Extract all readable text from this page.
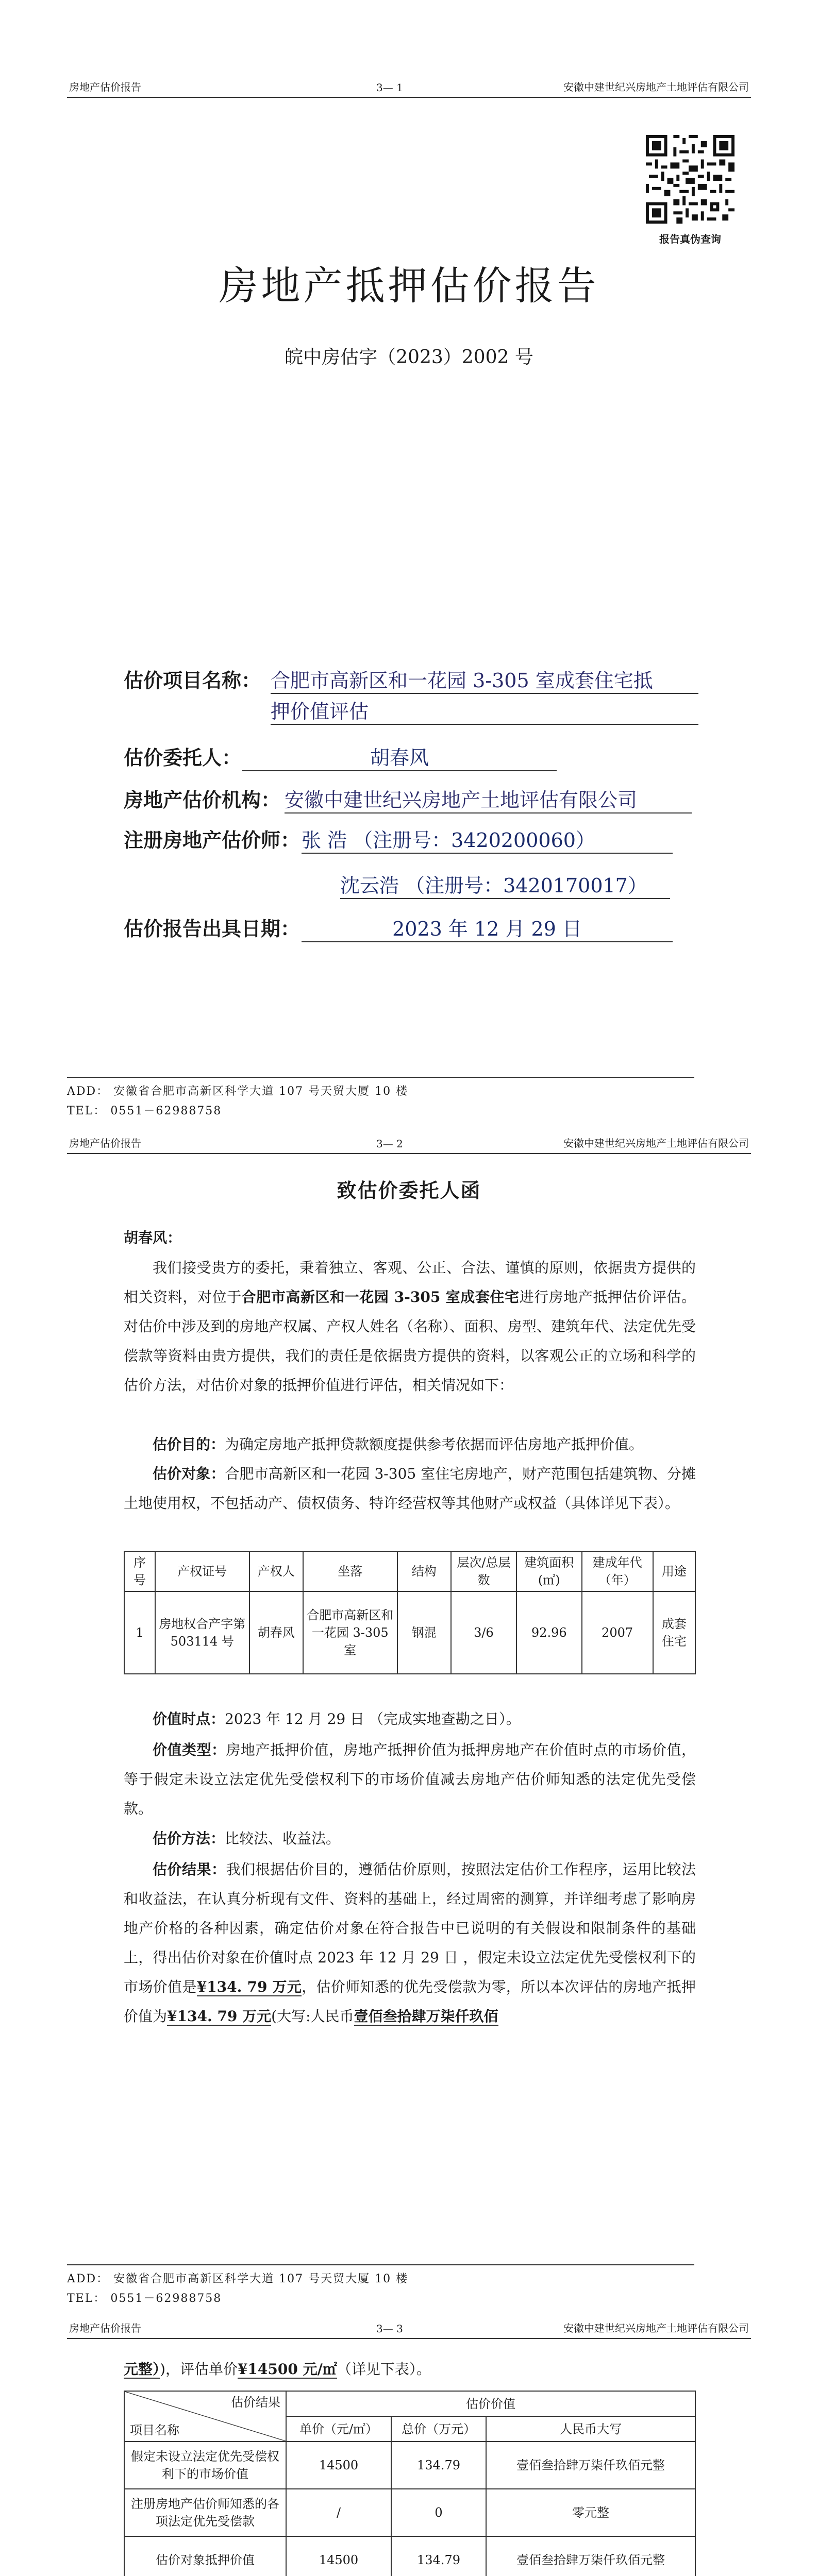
房地产估价报告	3— 1	安徽中建世纪兴房地产土地评估有限公司
报告真伪查询
房地产抵押估价报告
皖中房估字（2023）2002 号
估价项目名称： 合肥市高新区和一花园 3-305 室成套住宅抵
押价值评估
估价委托人：	胡春风
房地产估价机构： 安徽中建世纪兴房地产土地评估有限公司
注册房地产估价师： 张 浩 （注册号：3420200060）
沈云浩 （注册号：3420170017）
估价报告出具日期：	2023 年 12 月 29 日
ADD： 安徽省合肥市高新区科学大道 107 号天贸大厦 10 楼
TEL： 0551－62988758
房地产估价报告	3— 2	安徽中建世纪兴房地产土地评估有限公司
致估价委托人函
胡春风：
我们接受贵方的委托，秉着独立、客观、公正、合法、谨慎的原则，依据贵方提供的相关资料，对位于合肥市高新区和一花园 3-305 室成套住宅进行房地产抵押估价评估。对估价中涉及到的房地产权属、产权人姓名（名称）、面积、房型、建筑年代、法定优先受偿款等资料由贵方提供，我们的责任是依据贵方提供的资料，以客观公正的立场和科学的估价方法，对估价对象的抵押价值进行评估，相关情况如下：
估价目的：为确定房地产抵押贷款额度提供参考依据而评估房地产抵押价值。
估价对象：合肥市高新区和一花园 3-305 室住宅房地产，财产范围包括建筑物、分摊土地使用权，不包括动产、债权债务、特许经营权等其他财产或权益（具体详见下表）。
序号	产权证号	产权人	坐落	结构	层次/总层数	建筑面积(㎡)	建成年代（年）	用途
1	房地权合产字第 503114 号	胡春风	合肥市高新区和一花园 3-305 室	钢混	3/6	92.96	2007	成套住宅
价值时点：2023 年 12 月 29 日 （完成实地查勘之日）。
价值类型：房地产抵押价值，房地产抵押价值为抵押房地产在价值时点的市场价值，等于假定未设立法定优先受偿权利下的市场价值减去房地产估价师知悉的法定优先受偿款。
估价方法：比较法、收益法。
估价结果：我们根据估价目的，遵循估价原则，按照法定估价工作程序，运用比较法和收益法，在认真分析现有文件、资料的基础上，经过周密的测算，并详细考虑了影响房地产价格的各种因素，确定估价对象在符合报告中已说明的有关假设和限制条件的基础上，得出估价对象在价值时点 2023 年 12 月 29 日 ，假定未设立法定优先受偿权利下的市场价值是¥134. 79 万元，估价师知悉的优先受偿款为零，所以本次评估的房地产抵押价值为¥134. 79 万元(大写:人民币壹佰叁拾肆万柒仟玖佰
ADD： 安徽省合肥市高新区科学大道 107 号天贸大厦 10 楼
TEL： 0551－62988758
房地产估价报告	3— 3	安徽中建世纪兴房地产土地评估有限公司
元整）)，评估单价¥14500 元/㎡（详见下表）。
估价结果
项目名称	估价价值		
	单价（元/㎡）	总价（万元）	人民币大写
假定未设立法定优先受偿权利下的市场价值	14500	134.79	壹佰叁拾肆万柒仟玖佰元整
注册房地产估价师知悉的各项法定优先受偿款	/	0	零元整
估价对象抵押价值	14500	134.79	壹佰叁拾肆万柒仟玖佰元整
